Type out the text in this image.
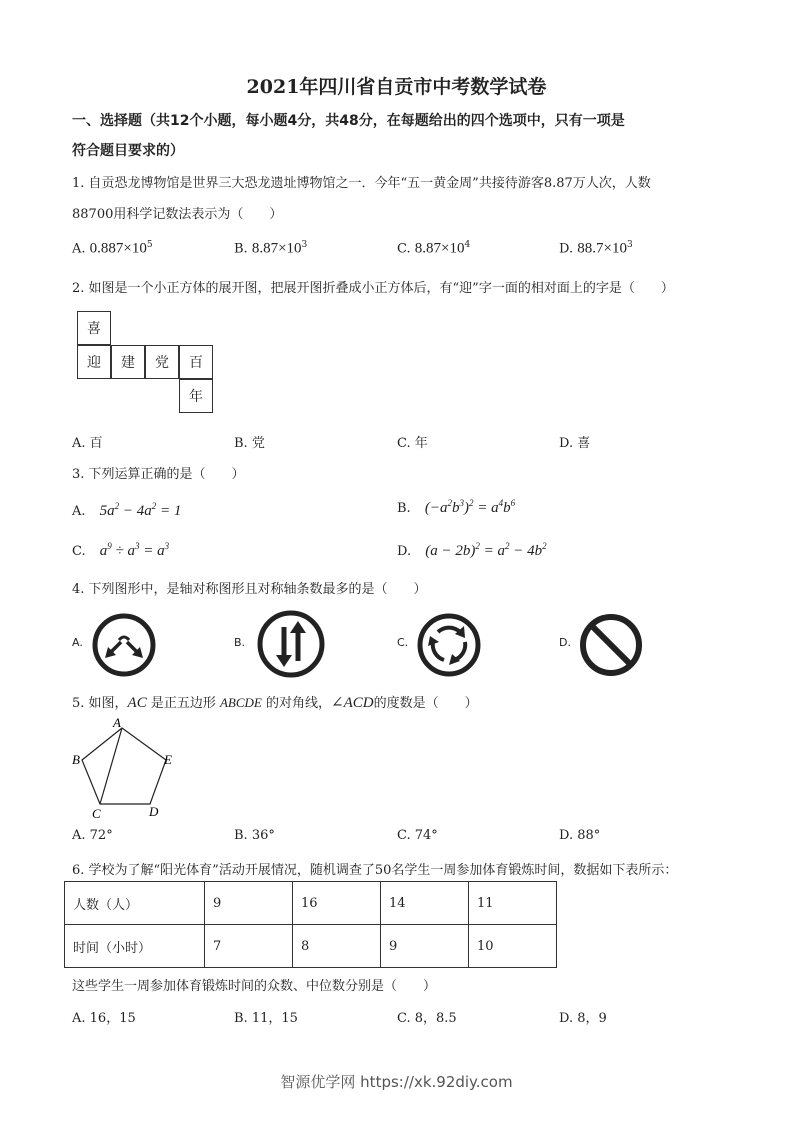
2021年四川省自贡市中考数学试卷
一、选择题（共12个小题，每小题4分，共48分，在每题给出的四个选项中，只有一项是
符合题目要求的）
1. 自贡恐龙博物馆是世界三大恐龙遗址博物馆之一．今年“五一黄金周”共接待游客8.87万人次，人数
88700用科学记数法表示为（　　）
A. $0.887\times 10^5$	B. $8.87\times 10^3$	C. $8.87\times 10^4$	D. $88.7\times 10^3$
2. 如图是一个小正方体的展开图，把展开图折叠成小正方体后，有“迎”字一面的相对面上的字是（　　）
喜
迎	建	党	百
年
A. 百	B. 党	C. 年	D. 喜
3. 下列运算正确的是（　　）
A. $5a^2 - 4a^2 = 1$	B. $(-a^2b^3)^2 = a^4b^6$
C. $a^9 \div a^3 = a^3$	D. $(a - 2b)^2 = a^2 - 4b^2$
4. 下列图形中，是轴对称图形且对称轴条数最多的是（　　）
A.	B.	C.	D.
5. 如图，AC 是正五边形 ABCDE 的对角线，∠ACD的度数是（　　）
A
B
C	D
E
A. 72°	B. 36°	C. 74°	D. 88°
6. 学校为了解“阳光体育”活动开展情况，随机调查了50名学生一周参加体育锻炼时间，数据如下表所示：
人数（人）	9	16	14	11
时间（小时）	7	8	9	10
这些学生一周参加体育锻炼时间的众数、中位数分别是（　　）
A. 16，15	B. 11，15	C. 8，8.5	D. 8，9
智源优学网 https://xk.92diy.com
